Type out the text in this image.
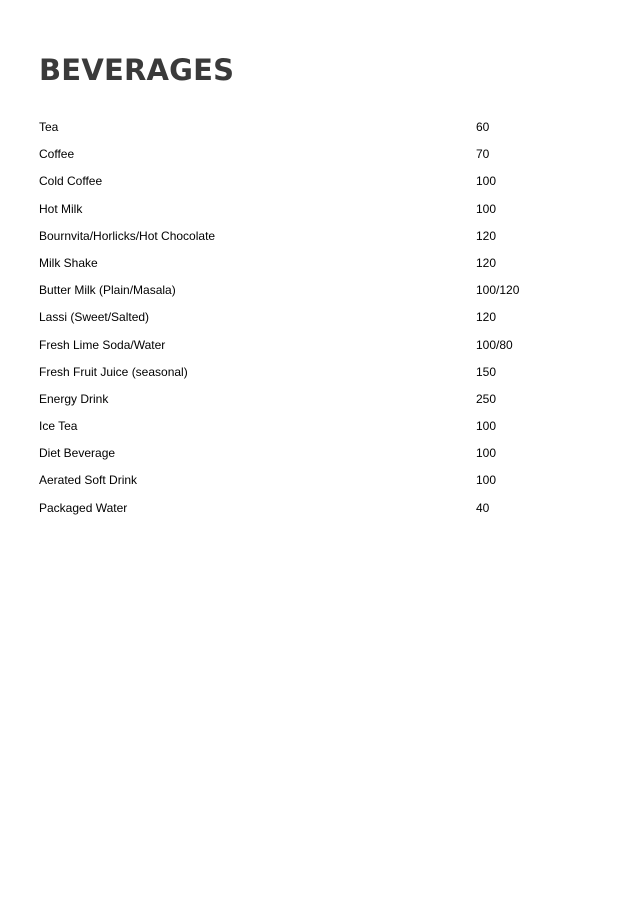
BEVERAGES
Tea	60
Coffee	70
Cold Coffee	100
Hot Milk	100
Bournvita/Horlicks/Hot Chocolate	120
Milk Shake	120
Butter Milk (Plain/Masala)	100/120
Lassi (Sweet/Salted)	120
Fresh Lime Soda/Water	100/80
Fresh Fruit Juice (seasonal)	150
Energy Drink	250
Ice Tea	100
Diet Beverage	100
Aerated Soft Drink	100
Packaged Water	40
